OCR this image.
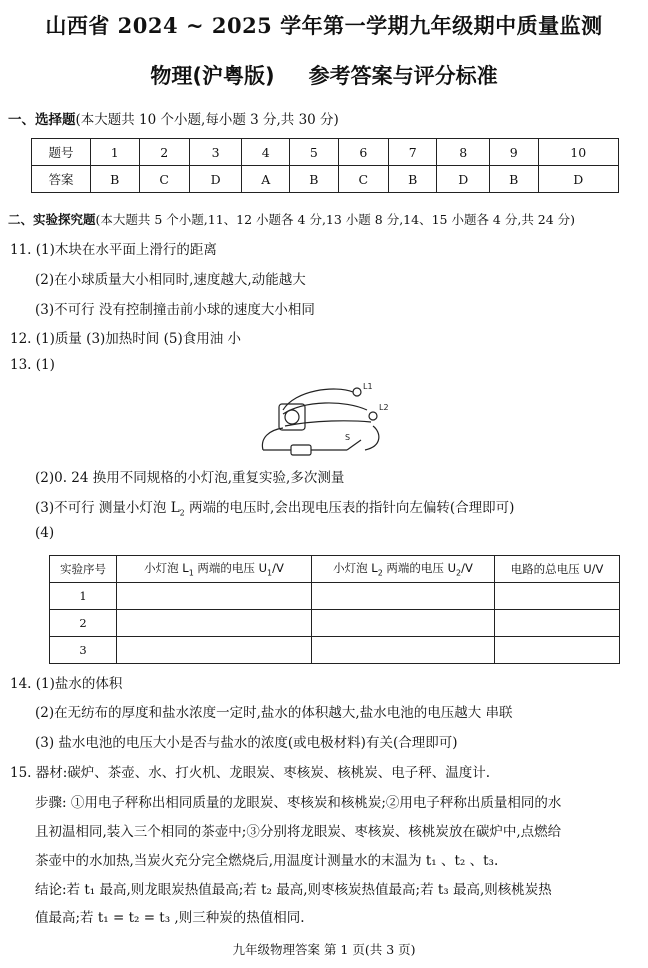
山西省 2024 ~ 2025 学年第一学期九年级期中质量监测
物理(沪粤版) 参考答案与评分标准
一、选择题(本大题共 10 个小题,每小题 3 分,共 30 分)
题号	1	2	3	4	5	6	7	8	9	10
答案	B	C	D	A	B	C	B	D	B	D
二、实验探究题(本大题共 5 个小题,11、12 小题各 4 分,13 小题 8 分,14、15 小题各 4 分,共 24 分)
11. (1)木块在水平面上滑行的距离
(2)在小球质量大小相同时,速度越大,动能越大
(3)不可行 没有控制撞击前小球的速度大小相同
12. (1)质量 (3)加热时间 (5)食用油 小
13. (1)
L1
L2
S
(2)0. 24 换用不同规格的小灯泡,重复实验,多次测量
(3)不可行 测量小灯泡 $L_2$ 两端的电压时,会出现电压表的指针向左偏转(合理即可)
(4)
实验序号	小灯泡 $L_1$ 两端的电压 $U_1/V$	小灯泡 $L_2$ 两端的电压 $U_2/V$	电路的总电压 U/V
1			
2			
3			
14. (1)盐水的体积
(2)在无纺布的厚度和盐水浓度一定时,盐水的体积越大,盐水电池的电压越大 串联
(3) 盐水电池的电压大小是否与盐水的浓度(或电极材料)有关(合理即可)
15. 器材:碳炉、茶壶、水、打火机、龙眼炭、枣核炭、核桃炭、电子秤、温度计.
步骤: ①用电子秤称出相同质量的龙眼炭、枣核炭和核桃炭;②用电子秤称出质量相同的水
且初温相同,装入三个相同的茶壶中;③分别将龙眼炭、枣核炭、核桃炭放在碳炉中,点燃给
茶壶中的水加热,当炭火充分完全燃烧后,用温度计测量水的末温为 t₁ 、t₂ 、t₃.
结论:若 t₁ 最高,则龙眼炭热值最高;若 t₂ 最高,则枣核炭热值最高;若 t₃ 最高,则核桃炭热
值最高;若 t₁ = t₂ = t₃ ,则三种炭的热值相同.
九年级物理答案 第 1 页(共 3 页)
